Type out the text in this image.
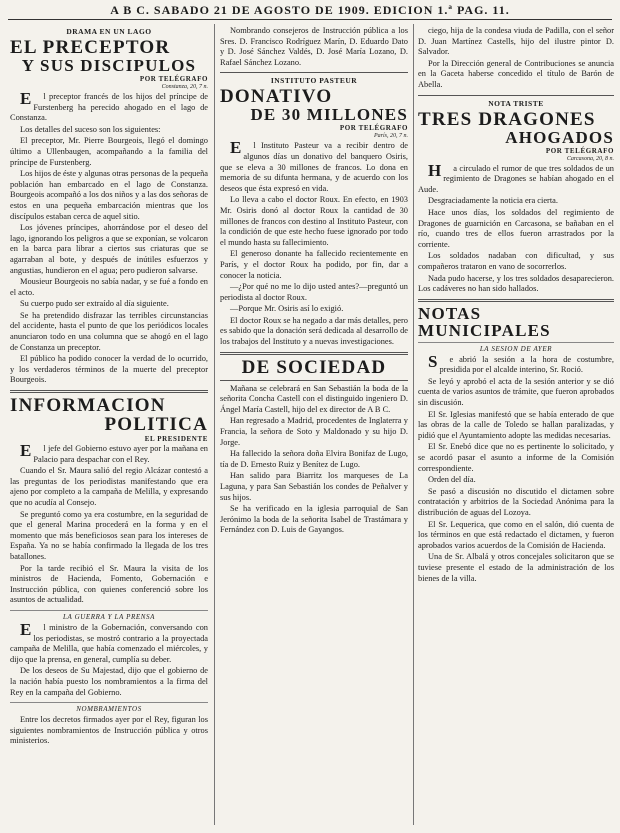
A B C. SABADO 21 DE AGOSTO DE 1909. EDICION 1.ª PAG. 11.
DRAMA EN UN LAGO
EL PRECEPTOR
Y SUS DISCIPULOS
POR TELÉGRAFO
Constanza, 20, 7 n.

El preceptor francés de los hijos del príncipe de Furstenberg ha perecido ahogado en el lago de Constanza.

Los detalles del suceso son los siguientes:

El preceptor, Mr. Pierre Bourgeois, llegó el domingo último a Ullenbaugen, acompañando a la familia del príncipe de Furstenberg.

Los hijos de éste y algunas otras personas de la pequeña población han embarcado en el lago de Constanza. Bourgeois acompañó a los dos niños y a las dos señoras de estos en una pequeña embarcación mientras que los discípulos estaban cerca de aquel sitio.

Los jóvenes príncipes, ahorrándose por el deseo del lago, ignorando los peligros a que se exponían, se volcaron en la barca para librar a ciertos sus criaturas que se agarraban al bote, y después de inútiles esfuerzos y angustias, hundieron en el agua; pero pudieron salvarse.

Mousieur Bourgeois no sabía nadar, y se fué a fondo en el acto.

Su cuerpo pudo ser extraído al día siguiente.

Se ha pretendido disfrazar las terribles circunstancias del accidente, hasta el punto de que los periódicos locales anunciaron todo en una columna que se ahogó en el lago de Constanza un preceptor.

El público ha podido conocer la verdad de lo ocurrido, y los verdaderos términos de la muerte del preceptor Bourgeois.

INFORMACION
POLITICA
EL PRESIDENTE

El jefe del Gobierno estuvo ayer por la mañana en Palacio para despachar con el Rey.

Cuando el Sr. Maura salió del regio Alcázar contestó a las preguntas de los periodistas manifestando que era ajeno por completo a la campaña de Melilla, y expresando que no acudía al Consejo.

Se preguntó como ya era costumbre, en la seguridad de que el general Marina procederá en la forma y en el momento que más beneficiosos sean para los intereses de España. Ya no se había confirmado la llegada de los tres batallones.

Por la tarde recibió el Sr. Maura la visita de los ministros de Hacienda, Fomento, Gobernación e Instrucción pública, con quienes conferenció sobre los asuntos de actualidad.

LA GUERRA Y LA PRENSA

El ministro de la Gobernación, conversando con los periodistas, se mostró contrario a la proyectada campaña de Melilla, que había comenzado el miércoles, y dijo que la prensa, en general, cumplía su deber.

De los deseos de Su Majestad, dijo que el gobierno de la nación había puesto los nombramientos a la firma del Rey en la campaña del Gobierno.

NOMBRAMIENTOS

Entre los decretos firmados ayer por el Rey, figuran los siguientes nombramientos de Instrucción pública y otros ministerios.

Nombrando consejeros de Instrucción pública a los Sres. D. Francisco Rodríguez Marín, D. Eduardo Dato y D. José Sánchez Valdés, D. José María Lozano, D. Rafael Sánchez Lozano.

INSTITUTO PASTEUR
DONATIVO
DE 30 MILLONES
POR TELÉGRAFO
París, 20, 7 n.

El Instituto Pasteur va a recibir dentro de algunos días un donativo del banquero Osiris, que se eleva a 30 millones de francos. Lo dona en memoria de su difunta hermana, y de acuerdo con los deseos que ésta expresó en vida.

Lo lleva a cabo el doctor Roux. En efecto, en 1903 Mr. Osiris donó al doctor Roux la cantidad de 30 millones de francos con destino al Instituto Pasteur, con la condición de que este hecho fuese ignorado por todo el mundo hasta su fallecimiento.

El generoso donante ha fallecido recientemente en París, y el doctor Roux ha podido, por fin, dar a conocer la noticia.

—¿Por qué no me lo dijo usted antes?—preguntó un periodista al doctor Roux.

—Porque Mr. Osiris así lo exigió.

El doctor Roux se ha negado a dar más detalles, pero es sabido que la donación será dedicada al desarrollo de los trabajos del Instituto y a nuevas investigaciones.

DE SOCIEDAD

Mañana se celebrará en San Sebastián la boda de la señorita Concha Castell con el distinguido ingeniero D. Ángel María Castell, hijo del ex director de A B C.

Han regresado a Madrid, procedentes de Inglaterra y Francia, la señora de Soto y Maldonado y su hijo D. Jorge.

Ha fallecido la señora doña Elvira Bonifaz de Lugo, tía de D. Ernesto Ruiz y Benítez de Lugo.

Han salido para Biarritz los marqueses de La Laguna, y para San Sebastián los condes de Peñalver y sus hijos.

Se ha verificado en la iglesia parroquial de San Jerónimo la boda de la señorita Isabel de Trastámara y Fernández con D. Luis de Gayangos.

ciego, hija de la condesa viuda de Padilla, con el señor D. Juan Martínez Castells, hijo del ilustre pintor D. Salvador.

Por la Dirección general de Contribuciones se anuncia en la Gaceta haberse concedido el título de Barón de Abella.

NOTA TRISTE
TRES DRAGONES
AHOGADOS
POR TELÉGRAFO
Carcasona, 20, 8 n.

Ha circulado el rumor de que tres soldados de un regimiento de Dragones se habían ahogado en el Aude.

Desgraciadamente la noticia era cierta.

Hace unos días, los soldados del regimiento de Dragones de guarnición en Carcasona, se bañaban en el río, cuando tres de ellos fueron arrastrados por la corriente.

Los soldados nadaban con dificultad, y sus compañeros trataron en vano de socorrerlos.

Nada pudo hacerse, y los tres soldados desaparecieron. Los cadáveres no han sido hallados.

NOTAS MUNICIPALES
LA SESION DE AYER

Se abrió la sesión a la hora de costumbre, presidida por el alcalde interino, Sr. Roció.

Se leyó y aprobó el acta de la sesión anterior y se dió cuenta de varios asuntos de trámite, que fueron aprobados sin discusión.

El Sr. Iglesias manifestó que se había enterado de que las obras de la calle de Toledo se hallan paralizadas, y pidió que el Ayuntamiento adopte las medidas necesarias.

El Sr. Enebó dice que no es pertinente lo solicitado, y se acordó pasar el asunto a informe de la Comisión correspondiente.

Orden del día.

Se pasó a discusión no discutido el dictamen sobre contratación y arbitrios de la Sociedad Anónima para la distribución de aguas del Lozoya.

El Sr. Lequerica, que como en el salón, dió cuenta de los términos en que está redactado el dictamen, y fueron aprobados varios acuerdos de la Comisión de Hacienda.

Una de Sr. Albalá y otros concejales solicitaron que se tuviese presente el estado de la administración de los bienes de la villa.
